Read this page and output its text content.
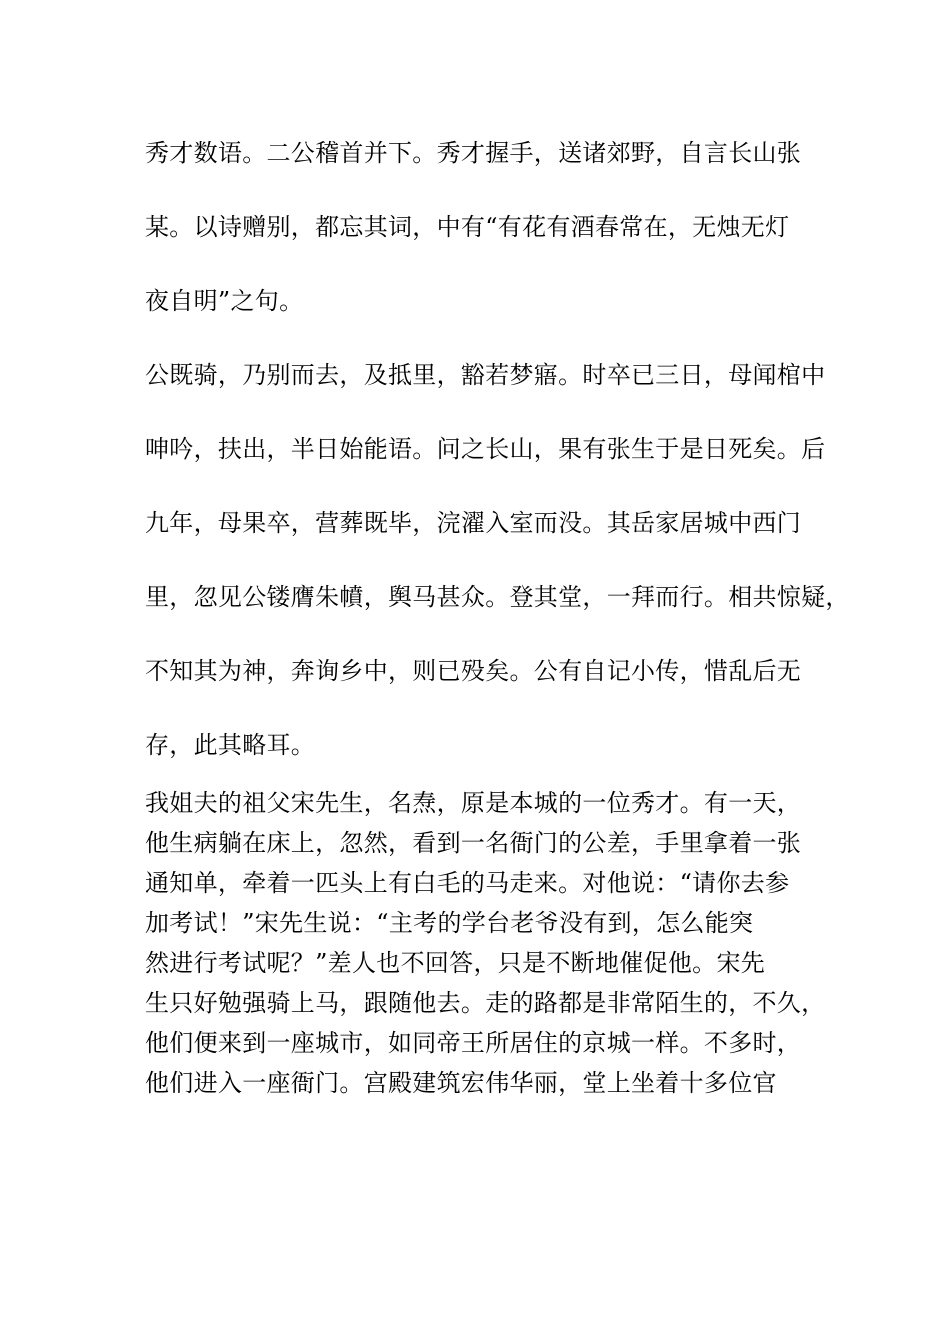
秀才数语。二公稽首并下。秀才握手，送诸郊野，自言长山张
某。以诗赠别，都忘其词，中有“有花有酒春常在，无烛无灯
夜自明”之句。
公既骑，乃别而去，及抵里，豁若梦寤。时卒已三日，母闻棺中
呻吟，扶出，半日始能语。问之长山，果有张生于是日死矣。后
九年，母果卒，营葬既毕，浣濯入室而没。其岳家居城中西门
里，忽见公镂膺朱幩，舆马甚众。登其堂，一拜而行。相共惊疑，
不知其为神，奔询乡中，则已殁矣。公有自记小传，惜乱后无
存，此其略耳。
我姐夫的祖父宋先生，名焘，原是本城的一位秀才。有一天，
他生病躺在床上，忽然，看到一名衙门的公差，手里拿着一张
通知单，牵着一匹头上有白毛的马走来。对他说：“请你去参
加考试！”宋先生说：“主考的学台老爷没有到，怎么能突
然进行考试呢？”差人也不回答，只是不断地催促他。宋先
生只好勉强骑上马，跟随他去。走的路都是非常陌生的，不久，
他们便来到一座城市，如同帝王所居住的京城一样。不多时，
他们进入一座衙门。宫殿建筑宏伟华丽，堂上坐着十多位官
